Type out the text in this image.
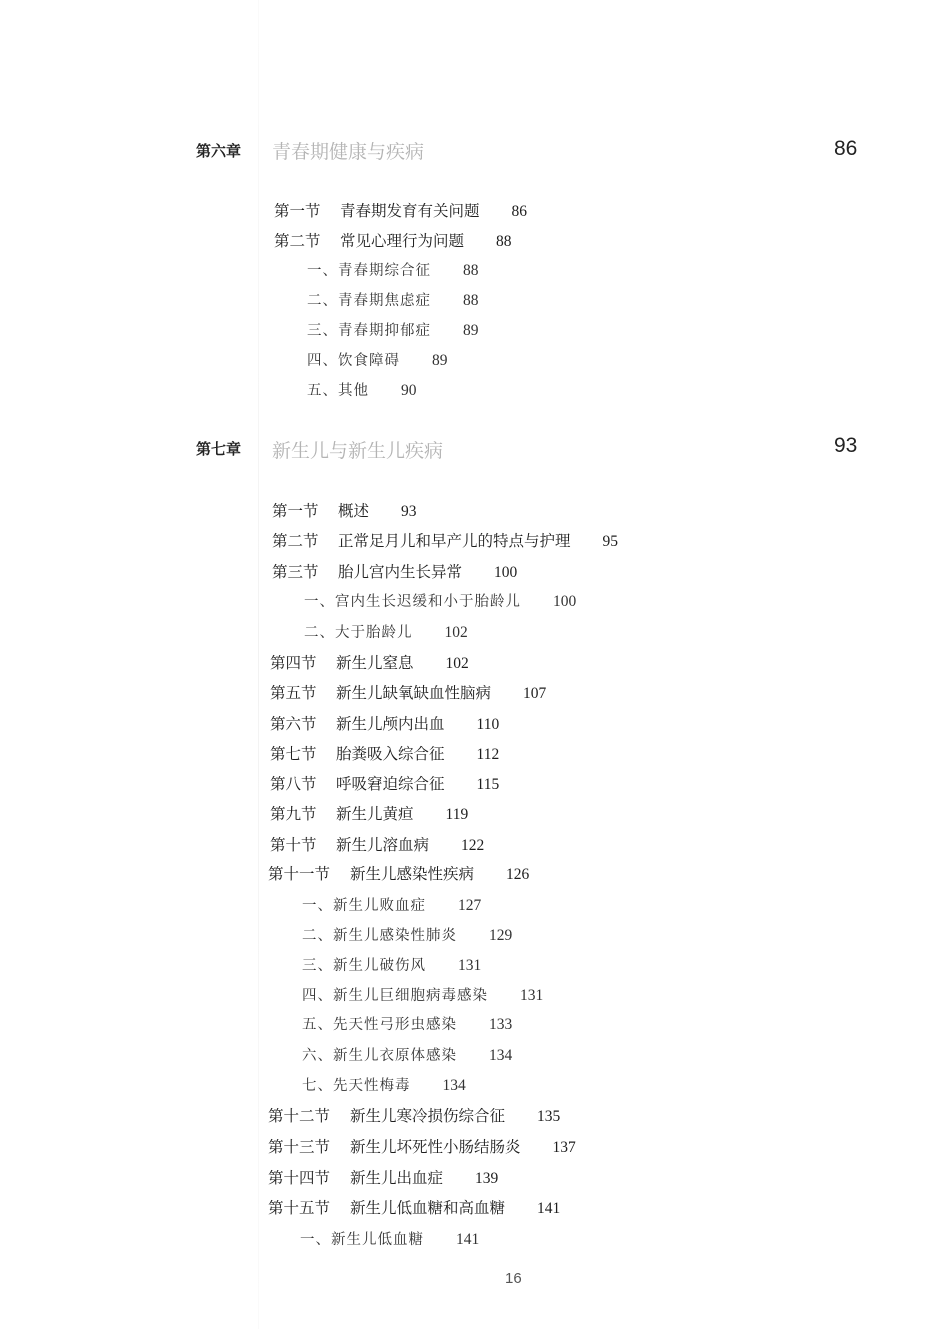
第六章 青春期健康与疾病	86
第一节 青春期发育有关问题 86
第二节 常见心理行为问题 88
一、青春期综合征 88
二、青春期焦虑症 88
三、青春期抑郁症 89
四、饮食障碍 89
五、其他 90
第七章 新生儿与新生儿疾病	93
第一节 概述 93
第二节 正常足月儿和早产儿的特点与护理 95
第三节 胎儿宫内生长异常 100
一、宫内生长迟缓和小于胎龄儿 100
二、大于胎龄儿 102
第四节 新生儿窒息 102
第五节 新生儿缺氧缺血性脑病 107
第六节 新生儿颅内出血 110
第七节 胎粪吸入综合征 112
第八节 呼吸窘迫综合征 115
第九节 新生儿黄疸 119
第十节 新生儿溶血病 122
第十一节 新生儿感染性疾病 126
一、新生儿败血症 127
二、新生儿感染性肺炎 129
三、新生儿破伤风 131
四、新生儿巨细胞病毒感染 131
五、先天性弓形虫感染 133
六、新生儿衣原体感染 134
七、先天性梅毒 134
第十二节 新生儿寒冷损伤综合征 135
第十三节 新生儿坏死性小肠结肠炎 137
第十四节 新生儿出血症 139
第十五节 新生儿低血糖和高血糖 141
一、新生儿低血糖 141
16
